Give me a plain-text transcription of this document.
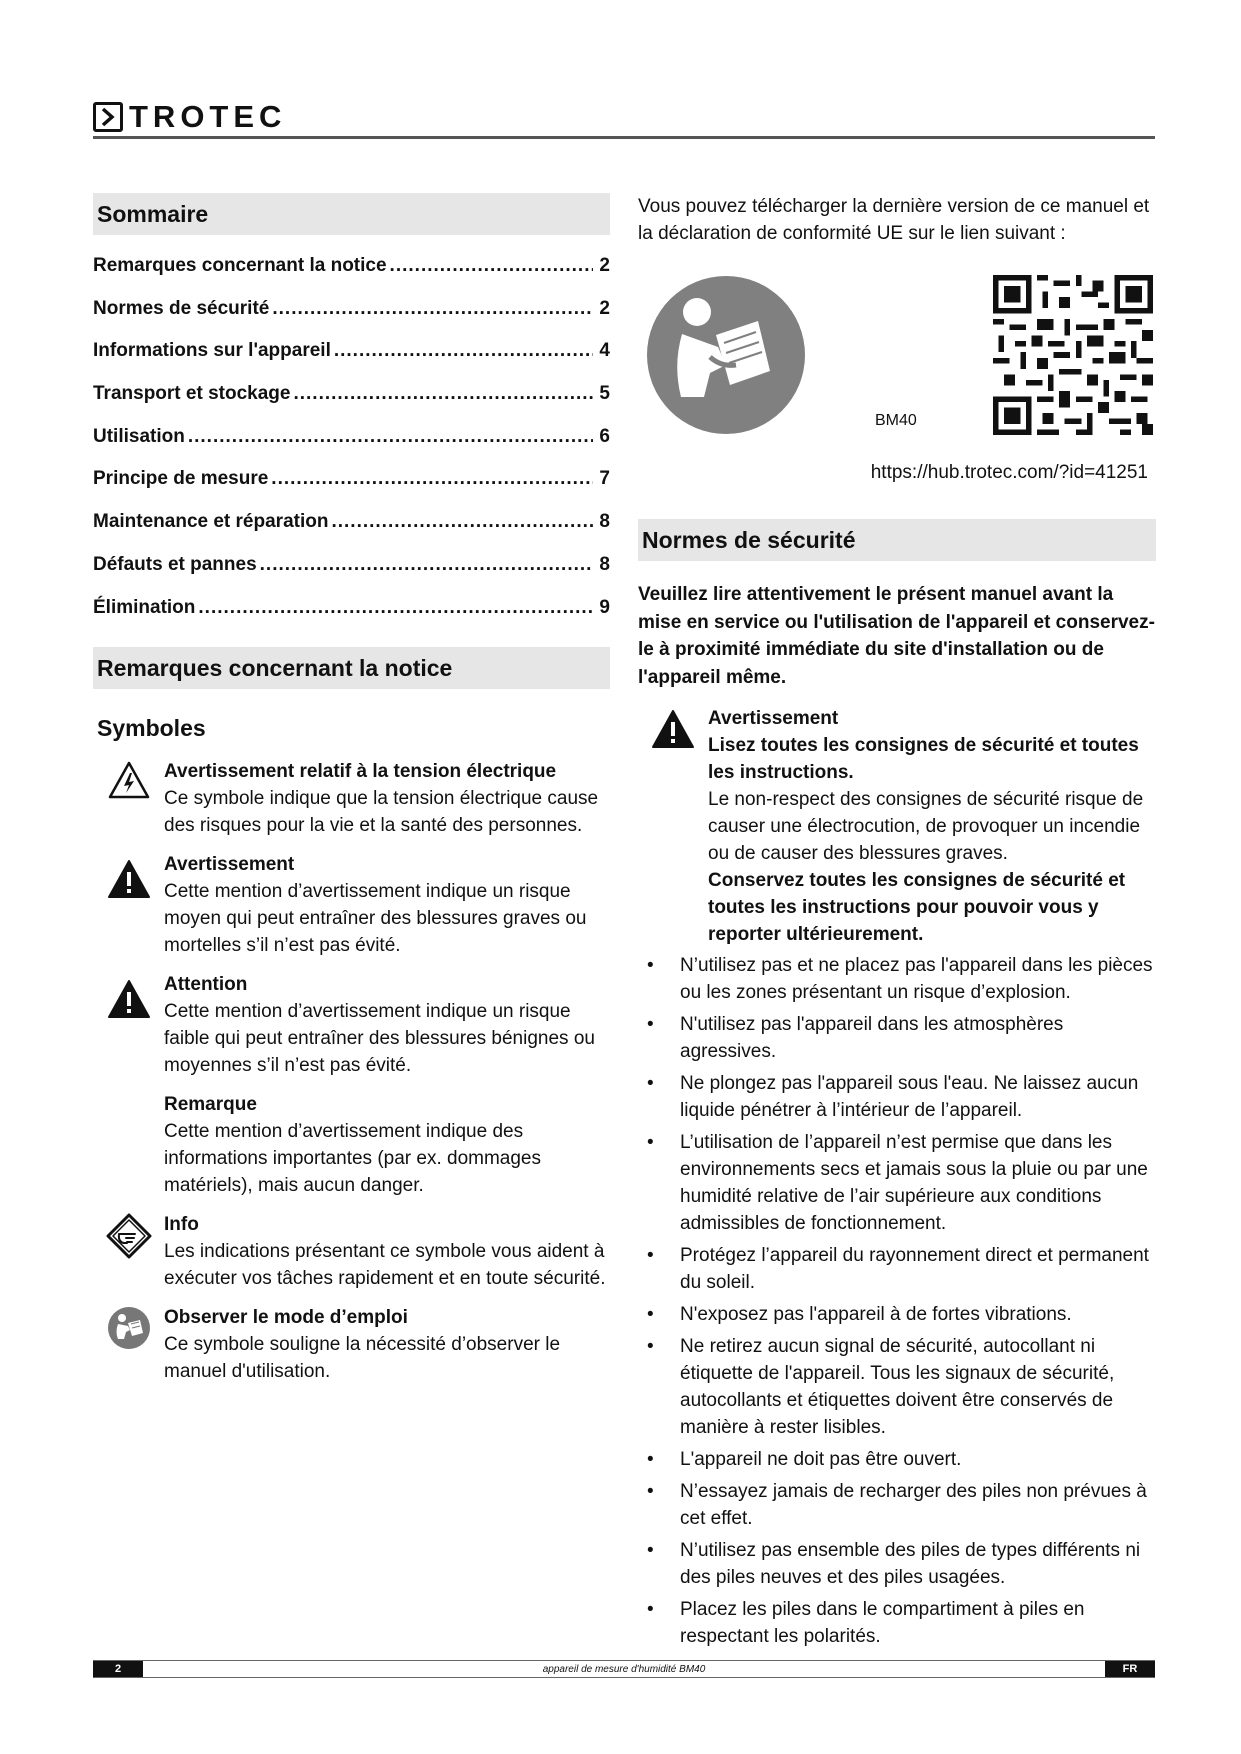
TROTEC
Sommaire
Remarques concernant la notice .....	2
Normes de sécurité .....	2
Informations sur l'appareil .....	4
Transport et stockage .....	5
Utilisation .....	6
Principe de mesure .....	7
Maintenance et réparation .....	8
Défauts et pannes .....	8
Élimination .....	9
Remarques concernant la notice
Symboles
Avertissement relatif à la tension électrique
Ce symbole indique que la tension électrique cause des risques pour la vie et la santé des personnes.
Avertissement
Cette mention d’avertissement indique un risque moyen qui peut entraîner des blessures graves ou mortelles s’il n’est pas évité.
Attention
Cette mention d’avertissement indique un risque faible qui peut entraîner des blessures bénignes ou moyennes s’il n’est pas évité.
Remarque
Cette mention d’avertissement indique des informations importantes (par ex. dommages matériels), mais aucun danger.
Info
Les indications présentant ce symbole vous aident à exécuter vos tâches rapidement et en toute sécurité.
Observer le mode d’emploi
Ce symbole souligne la nécessité d’observer le manuel d'utilisation.
Vous pouvez télécharger la dernière version de ce manuel et la déclaration de conformité UE sur le lien suivant :
BM40
https://hub.trotec.com/?id=41251
Normes de sécurité
Veuillez lire attentivement le présent manuel avant la mise en service ou l'utilisation de l'appareil et conservez-le à proximité immédiate du site d'installation ou de l'appareil même.
Avertissement
Lisez toutes les consignes de sécurité et toutes les instructions.
Le non-respect des consignes de sécurité risque de causer une électrocution, de provoquer un incendie ou de causer des blessures graves.
Conservez toutes les consignes de sécurité et toutes les instructions pour pouvoir vous y reporter ultérieurement.
• N’utilisez pas et ne placez pas l'appareil dans les pièces ou les zones présentant un risque d’explosion.
• N'utilisez pas l'appareil dans les atmosphères agressives.
• Ne plongez pas l'appareil sous l'eau. Ne laissez aucun liquide pénétrer à l’intérieur de l’appareil.
• L’utilisation de l’appareil n’est permise que dans les environnements secs et jamais sous la pluie ou par une humidité relative de l’air supérieure aux conditions admissibles de fonctionnement.
• Protégez l’appareil du rayonnement direct et permanent du soleil.
• N'exposez pas l'appareil à de fortes vibrations.
• Ne retirez aucun signal de sécurité, autocollant ni étiquette de l'appareil. Tous les signaux de sécurité, autocollants et étiquettes doivent être conservés de manière à rester lisibles.
• L'appareil ne doit pas être ouvert.
• N’essayez jamais de recharger des piles non prévues à cet effet.
• N’utilisez pas ensemble des piles de types différents ni des piles neuves et des piles usagées.
• Placez les piles dans le compartiment à piles en respectant les polarités.
2	appareil de mesure d'humidité BM40	FR
